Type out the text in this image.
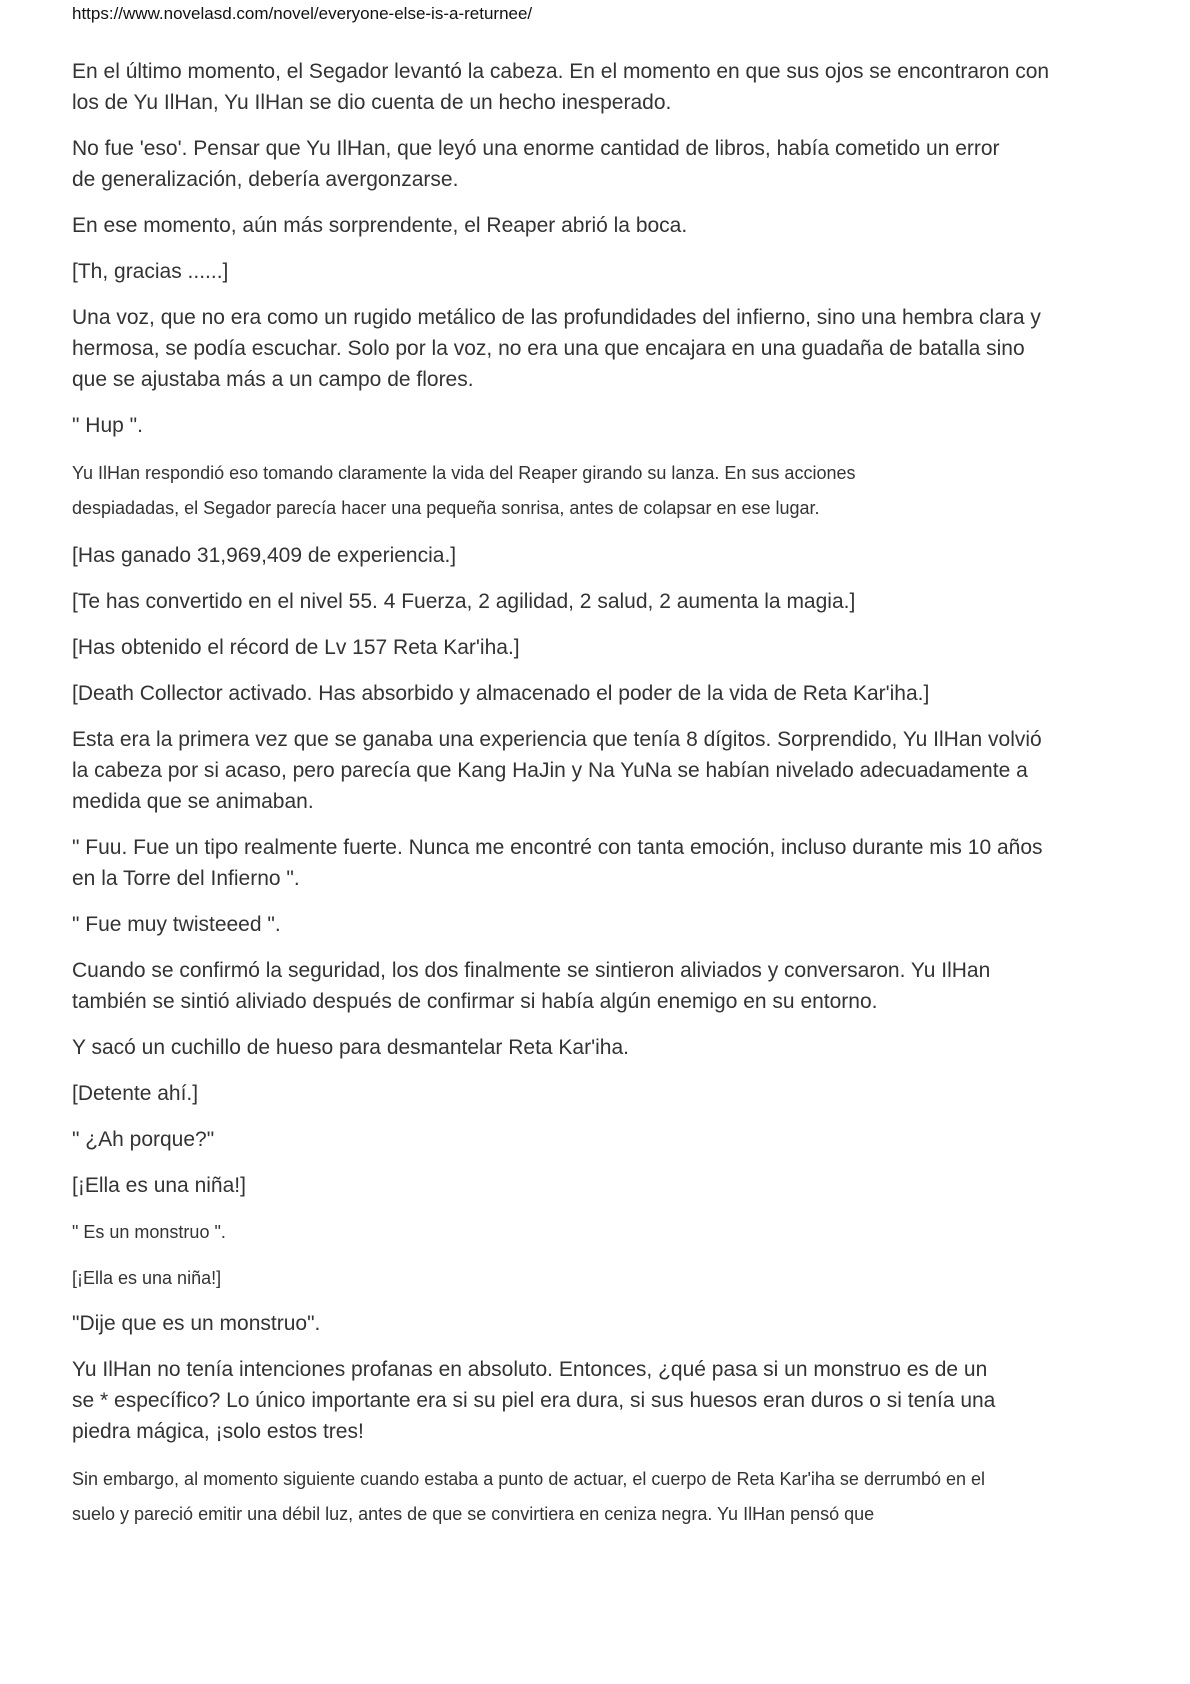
https://www.novelasd.com/novel/everyone-else-is-a-returnee/

En el último momento, el Segador levantó la cabeza. En el momento en que sus ojos se encontraron con
los de Yu IlHan, Yu IlHan se dio cuenta de un hecho inesperado.

No fue 'eso'. Pensar que Yu IlHan, que leyó una enorme cantidad de libros, había cometido un error
de generalización, debería avergonzarse.

En ese momento, aún más sorprendente, el Reaper abrió la boca.

[Th, gracias ......]

Una voz, que no era como un rugido metálico de las profundidades del infierno, sino una hembra clara y
hermosa, se podía escuchar. Solo por la voz, no era una que encajara en una guadaña de batalla sino
que se ajustaba más a un campo de flores.

" Hup ".

Yu IlHan respondió eso tomando claramente la vida del Reaper girando su lanza. En sus acciones
despiadadas, el Segador parecía hacer una pequeña sonrisa, antes de colapsar en ese lugar.

[Has ganado 31,969,409 de experiencia.]

[Te has convertido en el nivel 55. 4 Fuerza, 2 agilidad, 2 salud, 2 aumenta la magia.]

[Has obtenido el récord de Lv 157 Reta Kar'iha.]

[Death Collector activado. Has absorbido y almacenado el poder de la vida de Reta Kar'iha.]

Esta era la primera vez que se ganaba una experiencia que tenía 8 dígitos. Sorprendido, Yu IlHan volvió
la cabeza por si acaso, pero parecía que Kang HaJin y Na YuNa se habían nivelado adecuadamente a
medida que se animaban.

" Fuu. Fue un tipo realmente fuerte. Nunca me encontré con tanta emoción, incluso durante mis 10 años
en la Torre del Infierno ".

" Fue muy twisteeed ".

Cuando se confirmó la seguridad, los dos finalmente se sintieron aliviados y conversaron. Yu IlHan
también se sintió aliviado después de confirmar si había algún enemigo en su entorno.

Y sacó un cuchillo de hueso para desmantelar Reta Kar'iha.

[Detente ahí.]

" ¿Ah porque?"

[¡Ella es una niña!]

" Es un monstruo ".

[¡Ella es una niña!]

"Dije que es un monstruo".

Yu IlHan no tenía intenciones profanas en absoluto. Entonces, ¿qué pasa si un monstruo es de un
se * específico? Lo único importante era si su piel era dura, si sus huesos eran duros o si tenía una
piedra mágica, ¡solo estos tres!

Sin embargo, al momento siguiente cuando estaba a punto de actuar, el cuerpo de Reta Kar'iha se derrumbó en el
suelo y pareció emitir una débil luz, antes de que se convirtiera en ceniza negra. Yu IlHan pensó que
